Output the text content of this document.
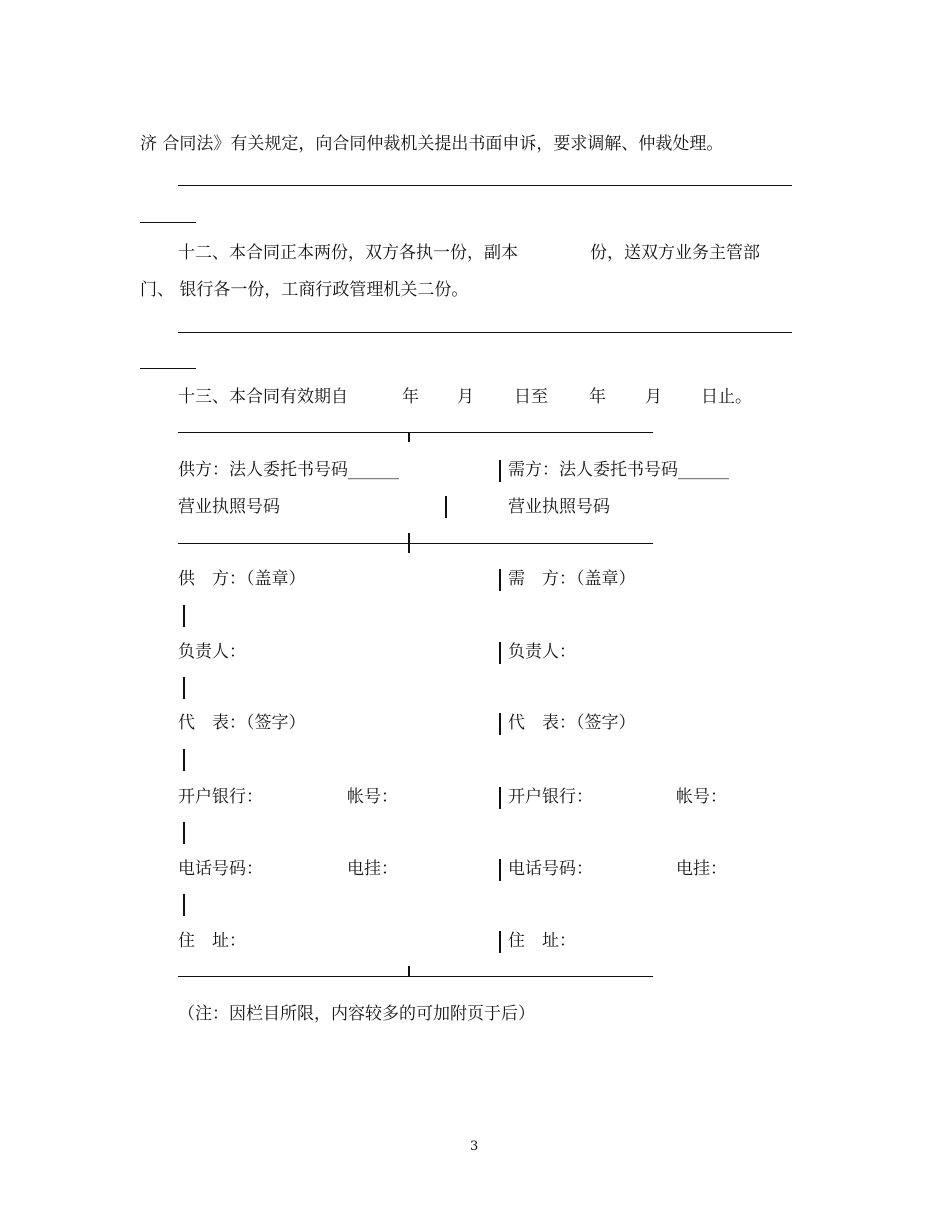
济 合同法》有关规定，向合同仲裁机关提出书面申诉，要求调解、仲裁处理。
十二、本合同正本两份，双方各执一份，副本	份，送双方业务主管部
门、 银行各一份，工商行政管理机关二份。
十三、本合同有效期自	年 月 日至 年 月 日止。
供方：法人委托书号码______	需方：法人委托书号码______
营业执照号码	营业执照号码
供　方：（盖章）	需　方：（盖章）
负责人：	负责人：
代　表：（签字）	代　表：（签字）
开户银行：	帐号：	开户银行：	帐号：
电话号码：	电挂：	电话号码：	电挂：
住　址：	住　址：
（注：因栏目所限，内容较多的可加附页于后）
3
